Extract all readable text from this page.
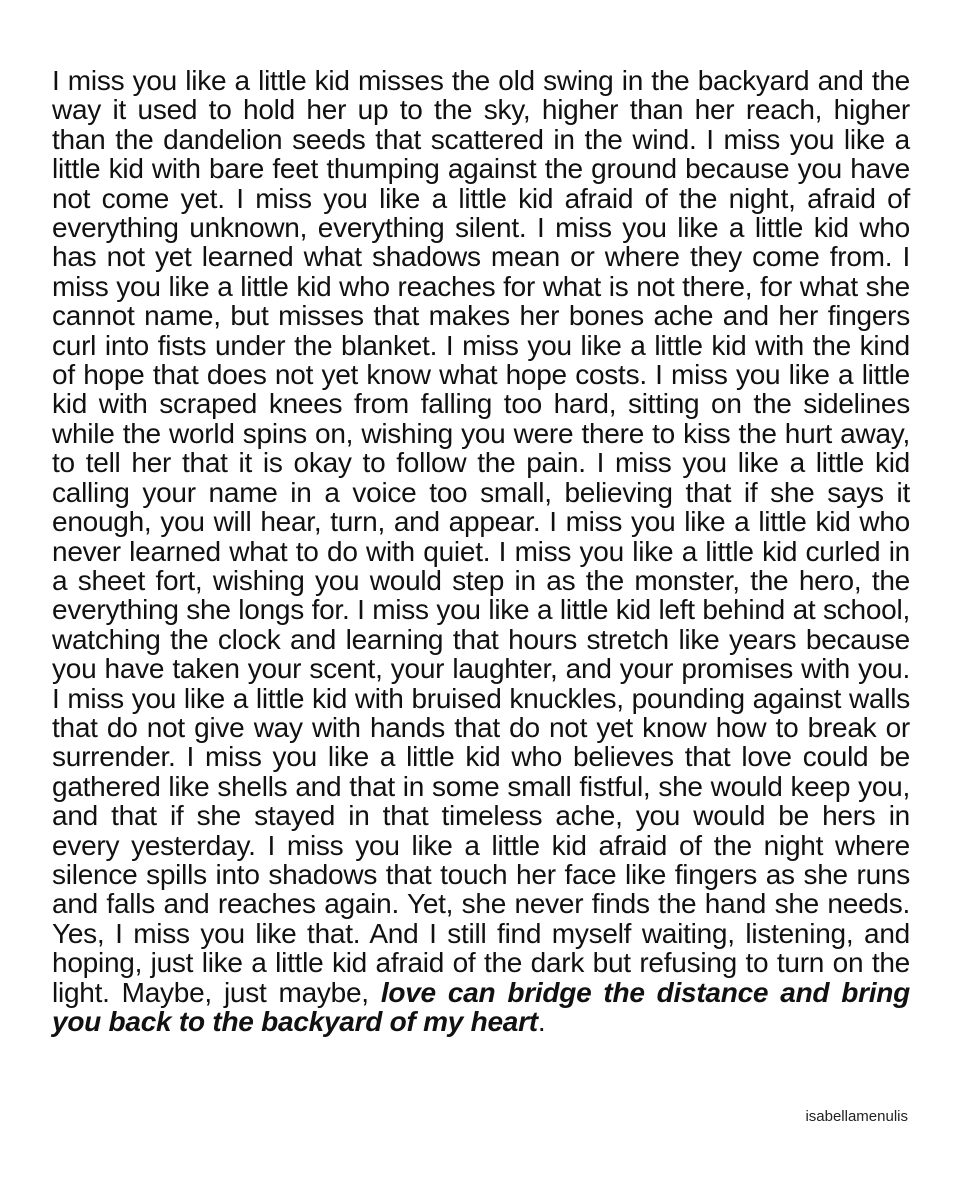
I miss you like a little kid misses the old swing in the backyard and the way it used to hold her up to the sky, higher than her reach, higher than the dandelion seeds that scattered in the wind. I miss you like a little kid with bare feet thumping against the ground because you have not come yet. I miss you like a little kid afraid of the night, afraid of everything unknown, everything silent. I miss you like a little kid who has not yet learned what shadows mean or where they come from. I miss you like a little kid who reaches for what is not there, for what she cannot name, but misses that makes her bones ache and her fingers curl into fists under the blanket. I miss you like a little kid with the kind of hope that does not yet know what hope costs. I miss you like a little kid with scraped knees from falling too hard, sitting on the sidelines while the world spins on, wishing you were there to kiss the hurt away, to tell her that it is okay to follow the pain. I miss you like a little kid calling your name in a voice too small, believing that if she says it enough, you will hear, turn, and appear. I miss you like a little kid who never learned what to do with quiet. I miss you like a little kid curled in a sheet fort, wishing you would step in as the monster, the hero, the everything she longs for. I miss you like a little kid left behind at school, watching the clock and learning that hours stretch like years because you have taken your scent, your laughter, and your promises with you. I miss you like a little kid with bruised knuckles, pounding against walls that do not give way with hands that do not yet know how to break or surrender. I miss you like a little kid who believes that love could be gathered like shells and that in some small fistful, she would keep you, and that if she stayed in that timeless ache, you would be hers in every yesterday. I miss you like a little kid afraid of the night where silence spills into shadows that touch her face like fingers as she runs and falls and reaches again. Yet, she never finds the hand she needs. Yes, I miss you like that. And I still find myself waiting, listening, and hoping, just like a little kid afraid of the dark but refusing to turn on the light. Maybe, just maybe, love can bridge the distance and bring you back to the backyard of my heart.

isabellamenulis
